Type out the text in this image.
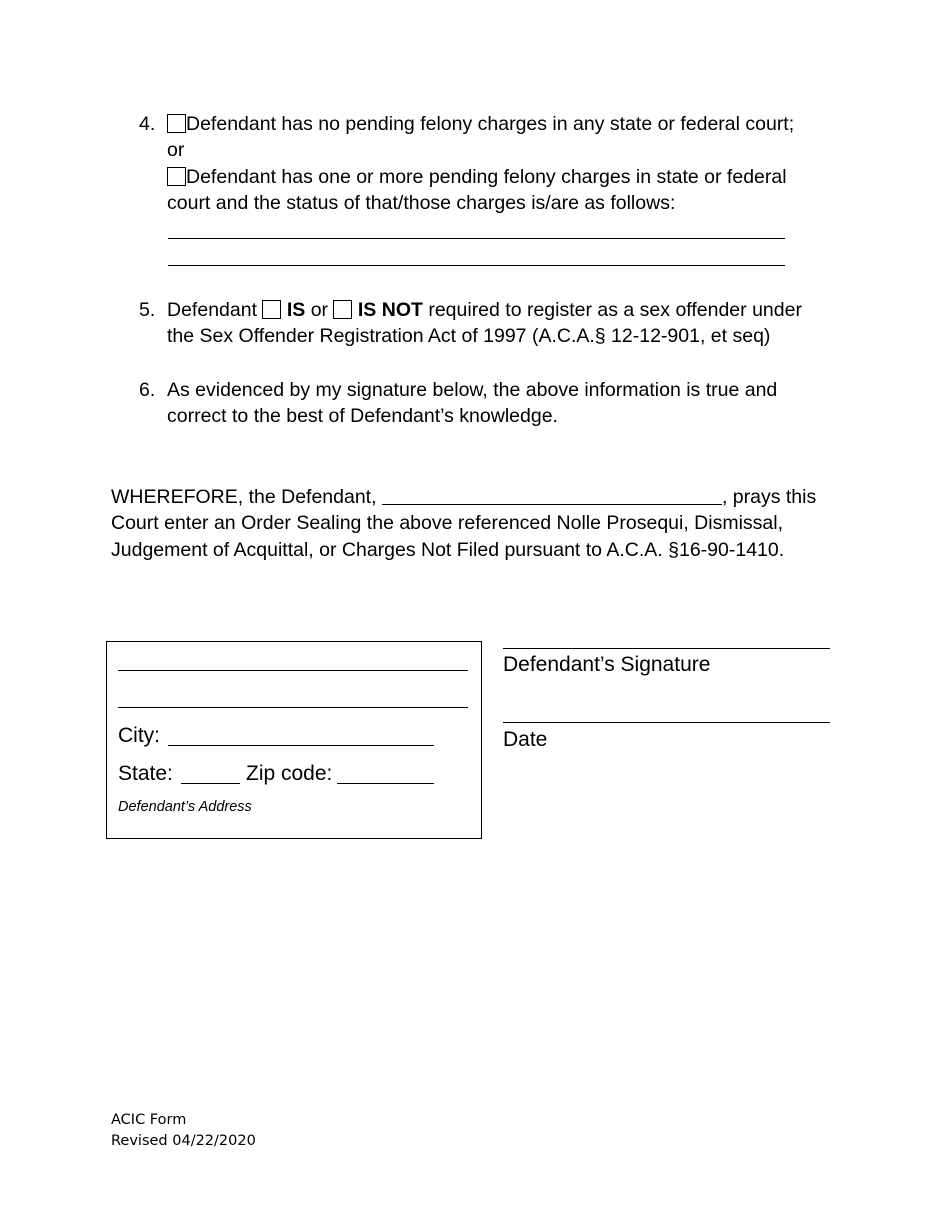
4.	Defendant has no pending felony charges in any state or federal court;
or
Defendant has one or more pending felony charges in state or federal
court and the status of that/those charges is/are as follows:
5. Defendant IS or IS NOT required to register as a sex offender under
the Sex Offender Registration Act of 1997 (A.C.A.§ 12-12-901, et seq)
6. As evidenced by my signature below, the above information is true and
correct to the best of Defendant’s knowledge.
WHEREFORE, the Defendant,	, prays this
Court enter an Order Sealing the above referenced Nolle Prosequi, Dismissal,
Judgement of Acquittal, or Charges Not Filed pursuant to A.C.A. §16-90-1410.
City:
State:	Zip code:
Defendant’s Address
Defendant’s Signature
Date
ACIC Form
Revised 04/22/2020
